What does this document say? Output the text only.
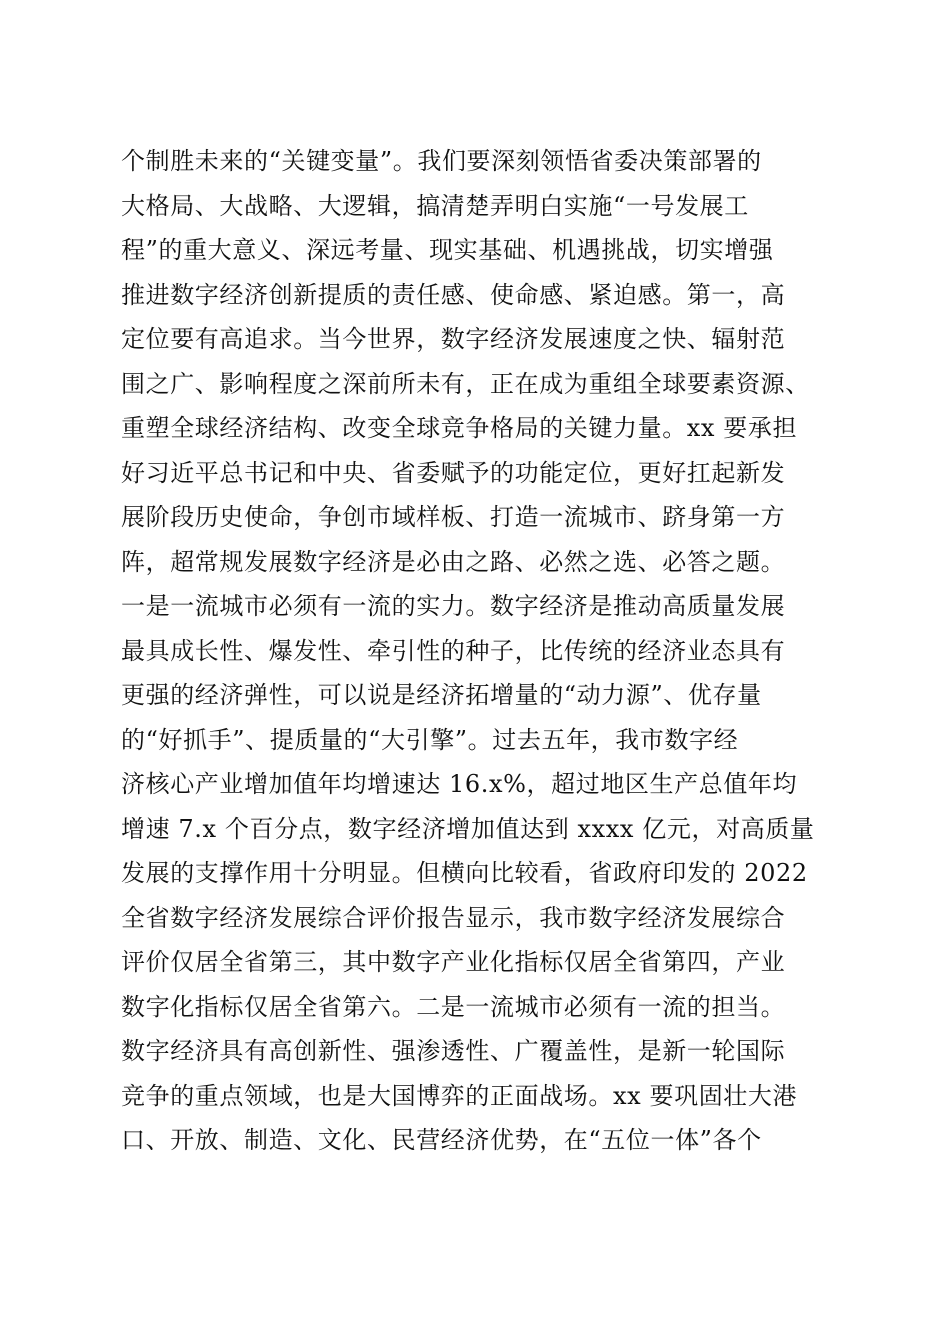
个制胜未来的“关键变量”。我们要深刻领悟省委决策部署的
大格局、大战略、大逻辑，搞清楚弄明白实施“一号发展工
程”的重大意义、深远考量、现实基础、机遇挑战，切实增强
推进数字经济创新提质的责任感、使命感、紧迫感。第一，高
定位要有高追求。当今世界，数字经济发展速度之快、辐射范
围之广、影响程度之深前所未有，正在成为重组全球要素资源、
重塑全球经济结构、改变全球竞争格局的关键力量。xx 要承担
好习近平总书记和中央、省委赋予的功能定位，更好扛起新发
展阶段历史使命，争创市域样板、打造一流城市、跻身第一方
阵，超常规发展数字经济是必由之路、必然之选、必答之题。
一是一流城市必须有一流的实力。数字经济是推动高质量发展
最具成长性、爆发性、牵引性的种子，比传统的经济业态具有
更强的经济弹性，可以说是经济拓增量的“动力源”、优存量
的“好抓手”、提质量的“大引擎”。过去五年，我市数字经
济核心产业增加值年均增速达 16.x%，超过地区生产总值年均
增速 7.x 个百分点，数字经济增加值达到 xxxx 亿元，对高质量
发展的支撑作用十分明显。但横向比较看，省政府印发的 2022
全省数字经济发展综合评价报告显示，我市数字经济发展综合
评价仅居全省第三，其中数字产业化指标仅居全省第四，产业
数字化指标仅居全省第六。二是一流城市必须有一流的担当。
数字经济具有高创新性、强渗透性、广覆盖性，是新一轮国际
竞争的重点领域，也是大国博弈的正面战场。xx 要巩固壮大港
口、开放、制造、文化、民营经济优势，在“五位一体”各个
